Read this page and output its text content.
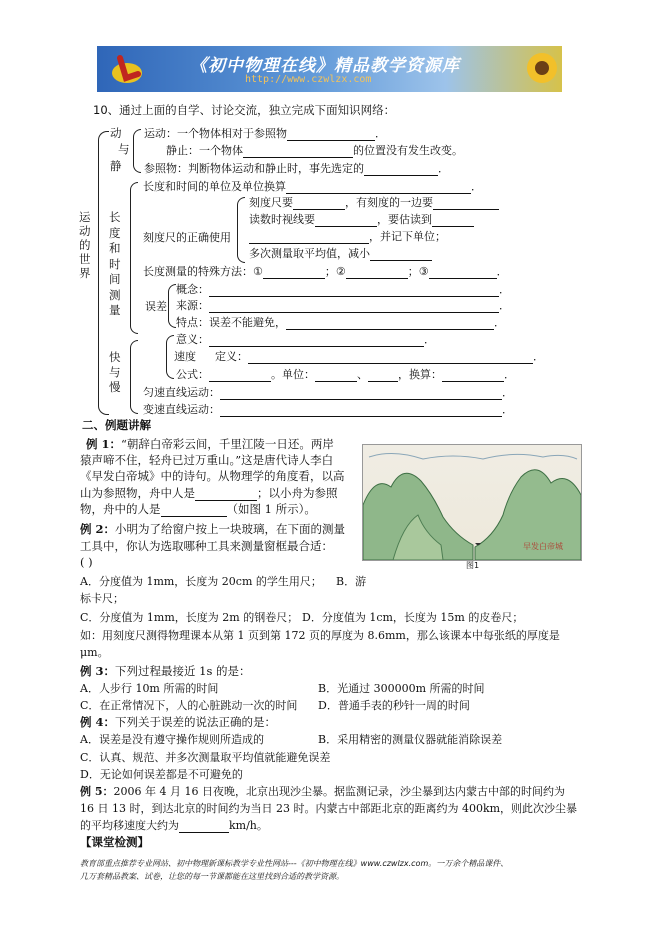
《初中物理在线》精品教学资源库
http://www.czwlzx.com
10、通过上面的自学、讨论交流，独立完成下面知识网络：
运
动
的
世
界
动
与
静
运动：一个物体相对于参照物	．
静止：一个物体	的位置没有发生改变。
参照物：判断物体运动和静止时，事先选定的	．
长
度
和
时
间
测
量
长度和时间的单位及单位换算	．
刻度尺的正确使用
刻度尺要	，有刻度的一边要
读数时视线要	，要估读到
，并记下单位；
多次测量取平均值，减小
长度测量的特殊方法：①	；②	；③	．
误差
概念：	．
来源：	．
特点：误差不能避免，	．
快
与
慢
速度
意义：	．
定义：	．
公式：	。单位：	、	，换算：	．
匀速直线运动：	．
变速直线运动：	．
二、例题讲解
例 1：“朝辞白帝彩云间，千里江陵一日还。两岸
猿声啼不住，轻舟已过万重山。”这是唐代诗人李白
《早发白帝城》中的诗句。从物理学的角度看，以高
山为参照物，舟中人是	；以小舟为参照
物，舟中的人是	（如图 1 所示）。
早发白帝城
图1
例 2：小明为了给窗户按上一块玻璃，在下面的测量
工具中，你认为选取哪种工具来测量窗框最合适：
( )
A．分度值为 1mm，长度为 20cm 的学生用尺； B．游
标卡尺；
C．分度值为 1mm，长度为 2m 的钢卷尺； D．分度值为 1cm，长度为 15m 的皮卷尺；
如：用刻度尺测得物理课本从第 1 页到第 172 页的厚度为 8.6mm，那么该课本中每张纸的厚度是
μm。
例 3：下列过程最接近 1s 的是：
A．人步行 10m 所需的时间	B．光通过 300000m 所需的时间
C．在正常情况下，人的心脏跳动一次的时间 D．普通手表的秒针一周的时间
例 4：下列关于误差的说法正确的是：
A．误差是没有遵守操作规则所造成的	B．采用精密的测量仪器就能消除误差
C．认真、规范、并多次测量取平均值就能避免误差
D．无论如何误差都是不可避免的
例 5：2006 年 4 月 16 日夜晚，北京出现沙尘暴。据监测记录，沙尘暴到达内蒙古中部的时间约为
16 日 13 时，到达北京的时间约为当日 23 时。内蒙古中部距北京的距离约为 400km，则此次沙尘暴
的平均移速度大约为	km/h。
【课堂检测】
教育部重点推荐专业网站、初中物理新课标教学专业性网站---《初中物理在线》www.czwlzx.com。一万余个精品课件、
几万套精品教案、试卷，让您的每一节课都能在这里找到合适的教学资源。
